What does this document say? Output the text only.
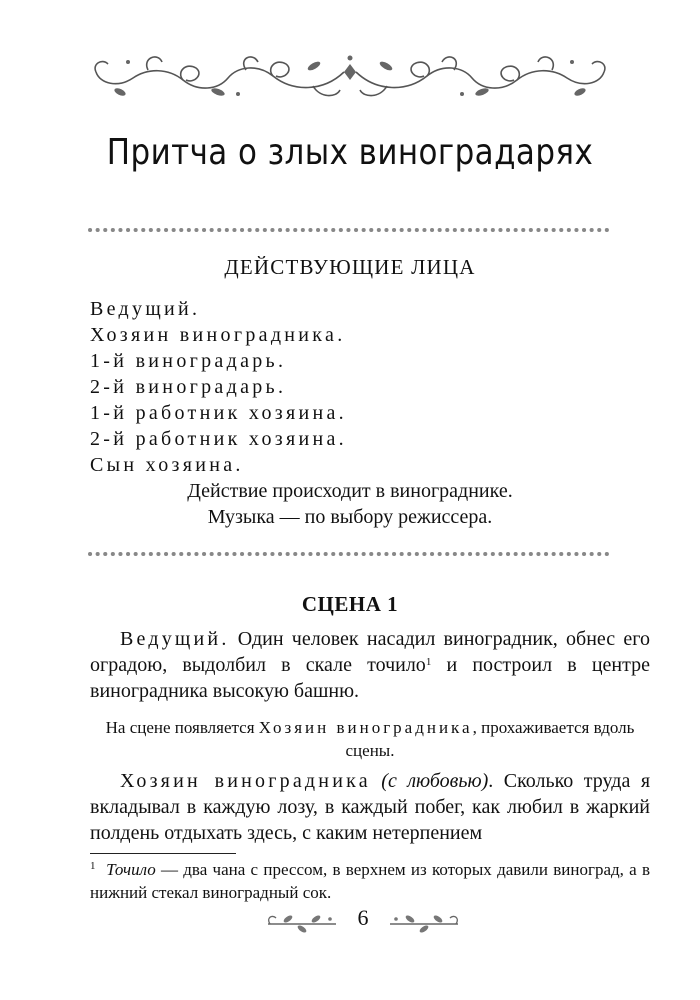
Притча о злых виноградарях
ДЕЙСТВУЮЩИЕ ЛИЦА
Ведущий.
Хозяин виноградника.
1-й виноградарь.
2-й виноградарь.
1-й работник хозяина.
2-й работник хозяина.
Сын хозяина.
Действие происходит в винограднике.
Музыка — по выбору режиссера.
СЦЕНА 1
Ведущий. Один человек насадил виноградник, обнес его оградою, выдолбил в скале точило$^1$ и построил в центре виноградника высокую башню.
На сцене появляется Хозяин виноградника, прохаживается вдоль сцены.
Хозяин виноградника (с любовью). Сколько труда я вкладывал в каждую лозу, в каждый побег, как любил в жаркий полдень отдыхать здесь, с каким нетерпением
$^1$ Точило — два чана с прессом, в верхнем из которых давили виноград, а в нижний стекал виноградный сок.
6
